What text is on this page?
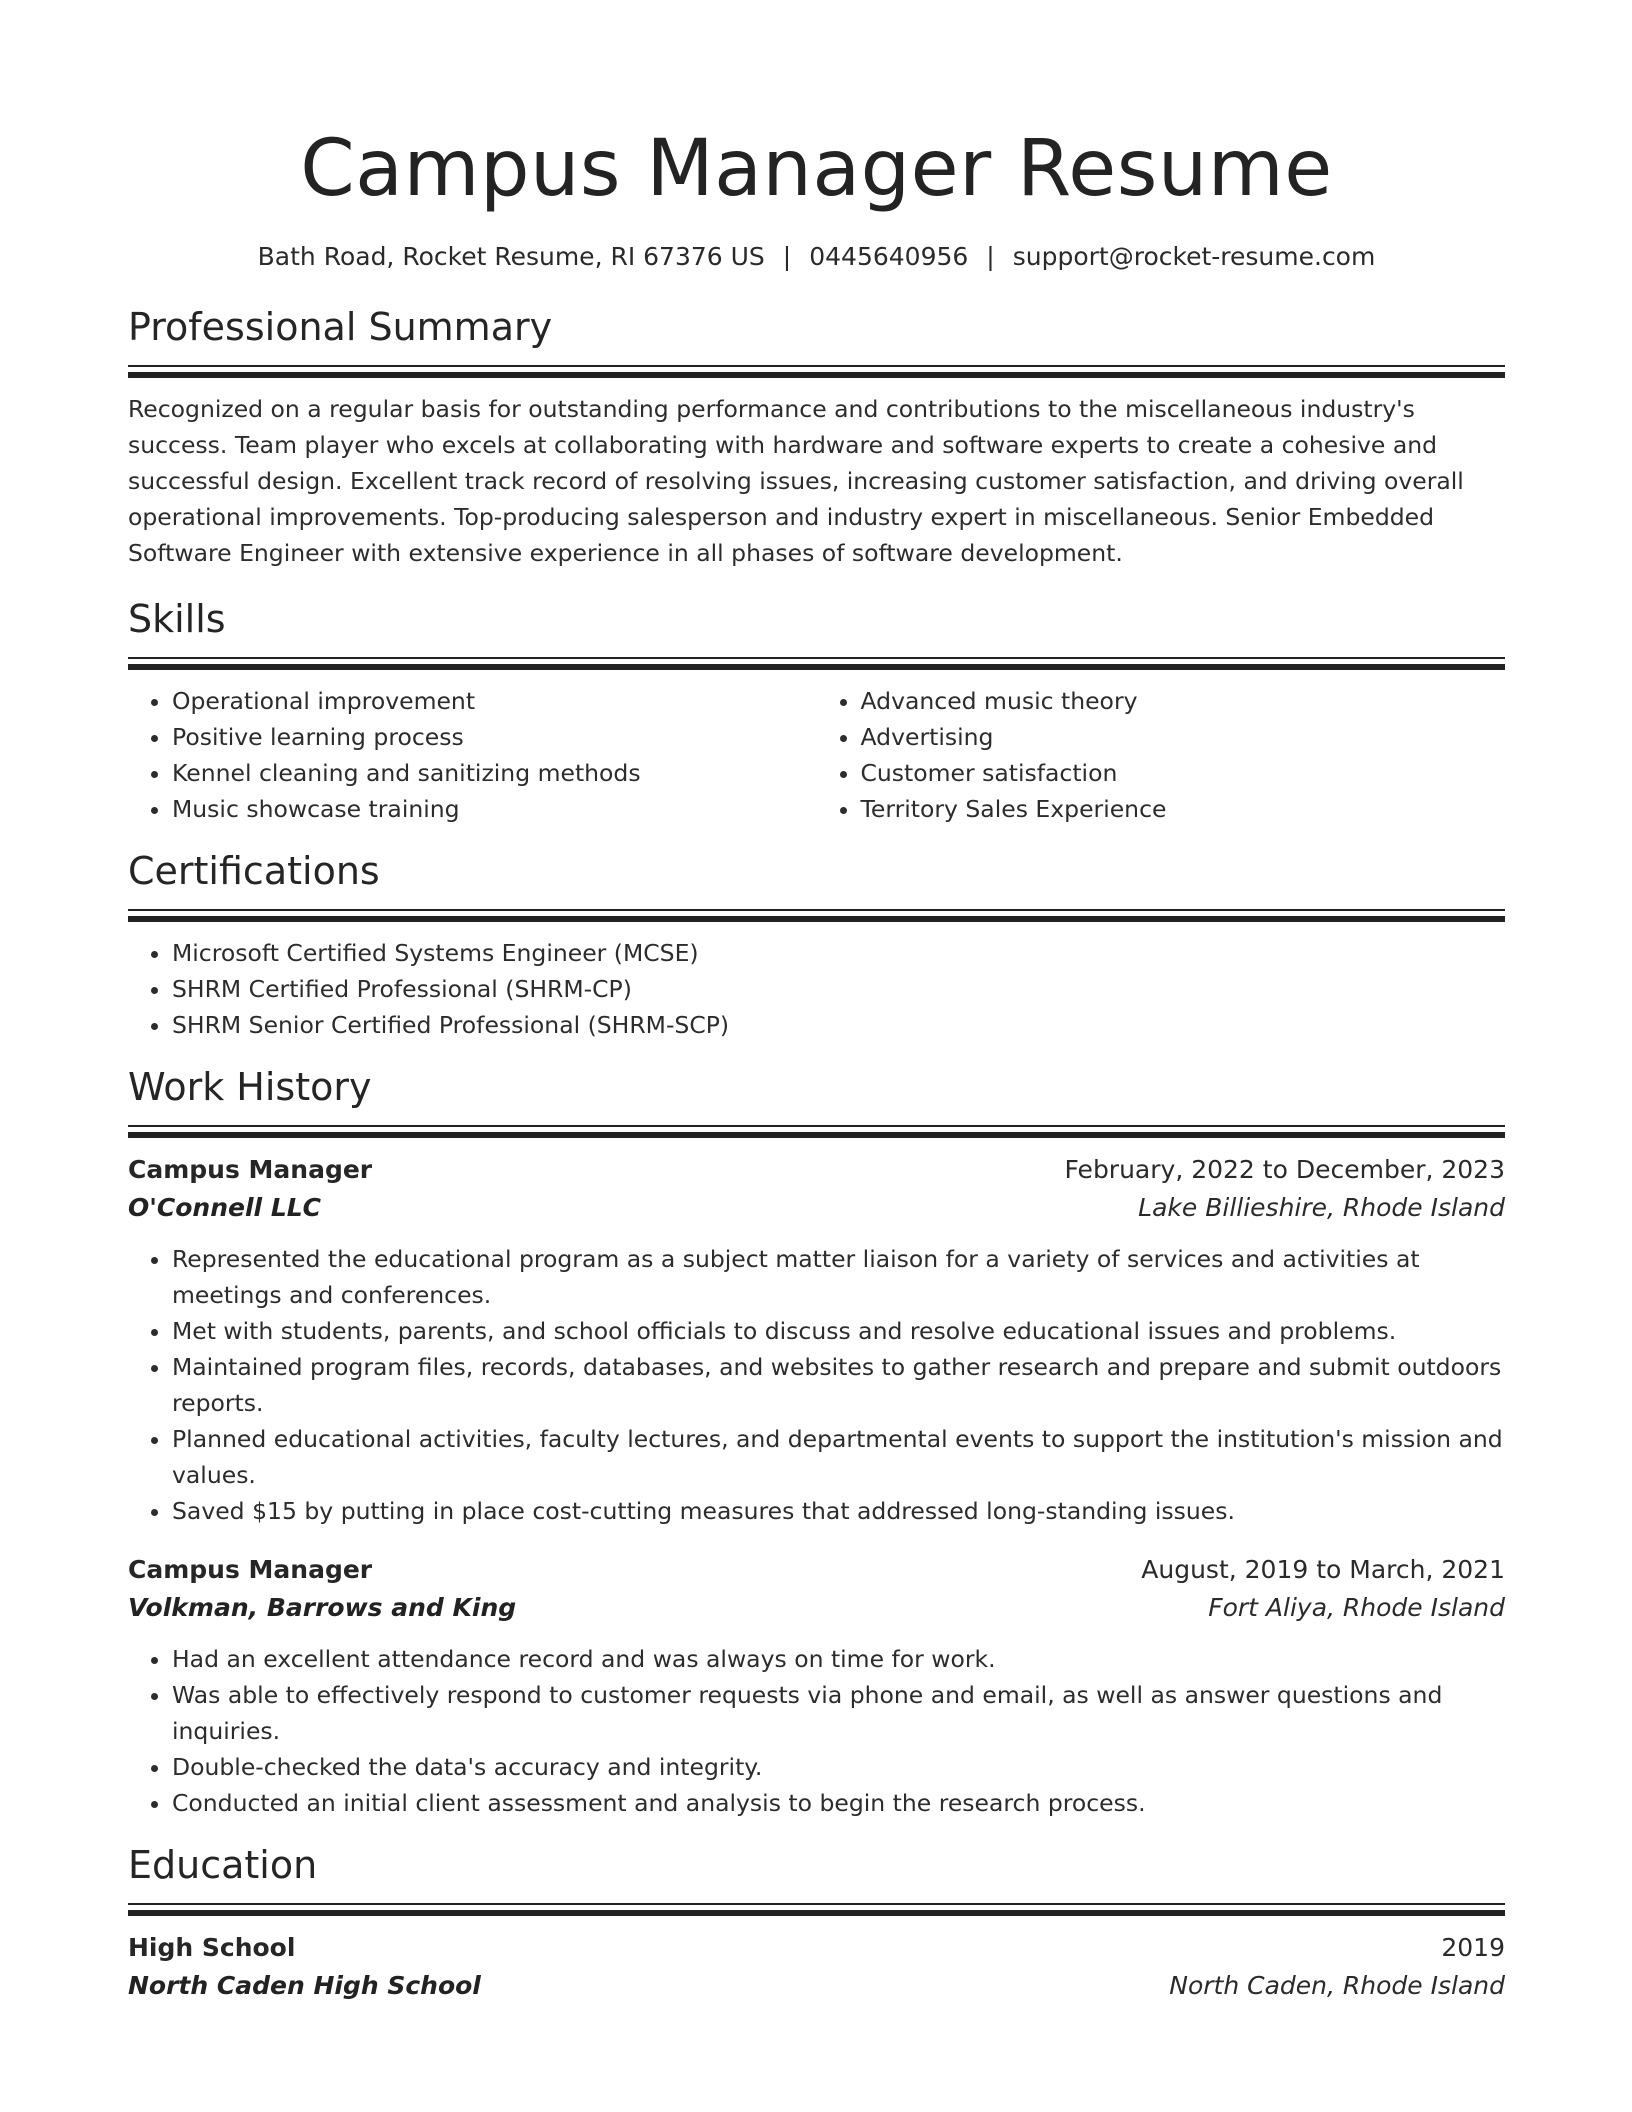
Campus Manager Resume
Bath Road, Rocket Resume, RI 67376 US | 0445640956 | support@rocket-resume.com
Professional Summary

Recognized on a regular basis for outstanding performance and contributions to the miscellaneous industry's success. Team player who excels at collaborating with hardware and software experts to create a cohesive and successful design. Excellent track record of resolving issues, increasing customer satisfaction, and driving overall operational improvements. Top-producing salesperson and industry expert in miscellaneous. Senior Embedded Software Engineer with extensive experience in all phases of software development.

Skills
• Operational improvement
• Positive learning process
• Kennel cleaning and sanitizing methods
• Music showcase training
• Advanced music theory
• Advertising
• Customer satisfaction
• Territory Sales Experience
Certifications
• Microsoft Certified Systems Engineer (MCSE)
• SHRM Certified Professional (SHRM-CP)
• SHRM Senior Certified Professional (SHRM-SCP)
Work History
Campus Manager	February, 2022 to December, 2023
O'Connell LLC	Lake Billieshire, Rhode Island
• Represented the educational program as a subject matter liaison for a variety of services and activities at meetings and conferences.
• Met with students, parents, and school officials to discuss and resolve educational issues and problems.
• Maintained program files, records, databases, and websites to gather research and prepare and submit outdoors reports.
• Planned educational activities, faculty lectures, and departmental events to support the institution's mission and values.
• Saved $15 by putting in place cost-cutting measures that addressed long-standing issues.
Campus Manager	August, 2019 to March, 2021
Volkman, Barrows and King	Fort Aliya, Rhode Island
• Had an excellent attendance record and was always on time for work.
• Was able to effectively respond to customer requests via phone and email, as well as answer questions and inquiries.
• Double-checked the data's accuracy and integrity.
• Conducted an initial client assessment and analysis to begin the research process.
Education
High School	2019
North Caden High School	North Caden, Rhode Island
